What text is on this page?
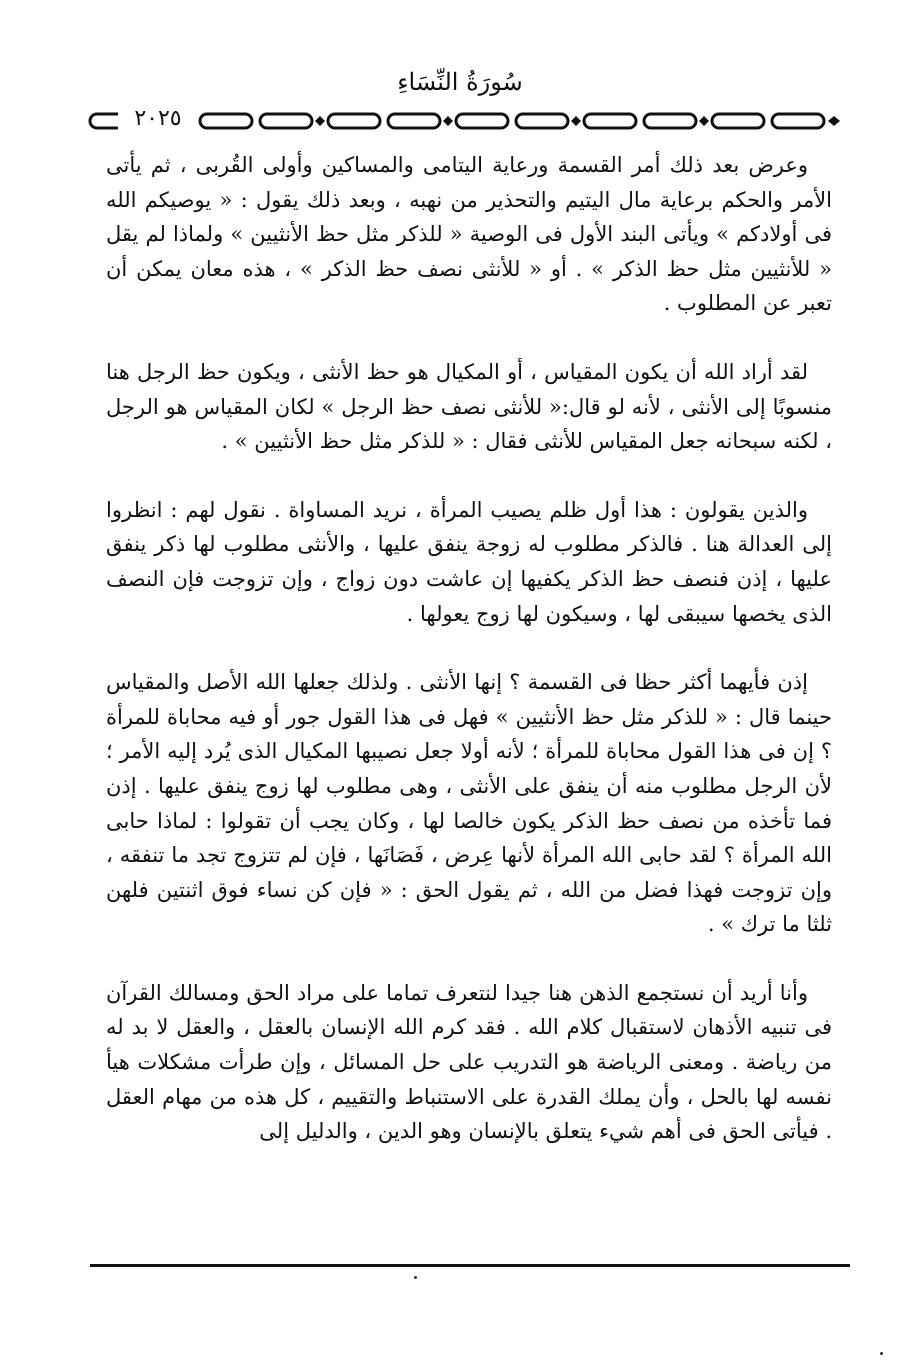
سُورَةُ النِّسَاءِ
٢٠٢٥

وعرض بعد ذلك أمر القسمة ورعاية اليتامى والمساكين وأولى القُربى ، ثم يأتى الأمر والحكم برعاية مال اليتيم والتحذير من نهبه ، وبعد ذلك يقول : « يوصيكم الله فى أولادكم » ويأتى البند الأول فى الوصية « للذكر مثل حظ الأنثيين » ولماذا لم يقل « للأنثيين مثل حظ الذكر » . أو « للأنثى نصف حظ الذكر » ، هذه معان يمكن أن تعبر عن المطلوب .

لقد أراد الله أن يكون المقياس ، أو المكيال هو حظ الأنثى ، ويكون حظ الرجل هنا منسوبًا إلى الأنثى ، لأنه لو قال:« للأنثى نصف حظ الرجل » لكان المقياس هو الرجل ، لكنه سبحانه جعل المقياس للأنثى فقال : « للذكر مثل حظ الأنثيين » .

والذين يقولون : هذا أول ظلم يصيب المرأة ، نريد المساواة . نقول لهم : انظروا إلى العدالة هنا . فالذكر مطلوب له زوجة ينفق عليها ، والأنثى مطلوب لها ذكر ينفق عليها ، إذن فنصف حظ الذكر يكفيها إن عاشت دون زواج ، وإن تزوجت فإن النصف الذى يخصها سيبقى لها ، وسيكون لها زوج يعولها .

إذن فأيهما أكثر حظا فى القسمة ؟ إنها الأنثى . ولذلك جعلها الله الأصل والمقياس حينما قال : « للذكر مثل حظ الأنثيين » فهل فى هذا القول جور أو فيه محاباة للمرأة ؟ إن فى هذا القول محاباة للمرأة ؛ لأنه أولا جعل نصيبها المكيال الذى يُرد إليه الأمر ؛ لأن الرجل مطلوب منه أن ينفق على الأنثى ، وهى مطلوب لها زوج ينفق عليها . إذن فما تأخذه من نصف حظ الذكر يكون خالصا لها ، وكان يجب أن تقولوا : لماذا حابى الله المرأة ؟ لقد حابى الله المرأة لأنها عِرض ، فَصَانَها ، فإن لم تتزوج تجد ما تنفقه ، وإن تزوجت فهذا فضل من الله ، ثم يقول الحق : « فإن كن نساء فوق اثنتين فلهن ثلثا ما ترك » .

وأنا أريد أن نستجمع الذهن هنا جيدا لنتعرف تماما على مراد الحق ومسالك القرآن فى تنبيه الأذهان لاستقبال كلام الله . فقد كرم الله الإنسان بالعقل ، والعقل لا بد له من رياضة . ومعنى الرياضة هو التدريب على حل المسائل ، وإن طرأت مشكلات هيأ نفسه لها بالحل ، وأن يملك القدرة على الاستنباط والتقييم ، كل هذه من مهام العقل . فيأتى الحق فى أهم شيء يتعلق بالإنسان وهو الدين ، والدليل إلى
